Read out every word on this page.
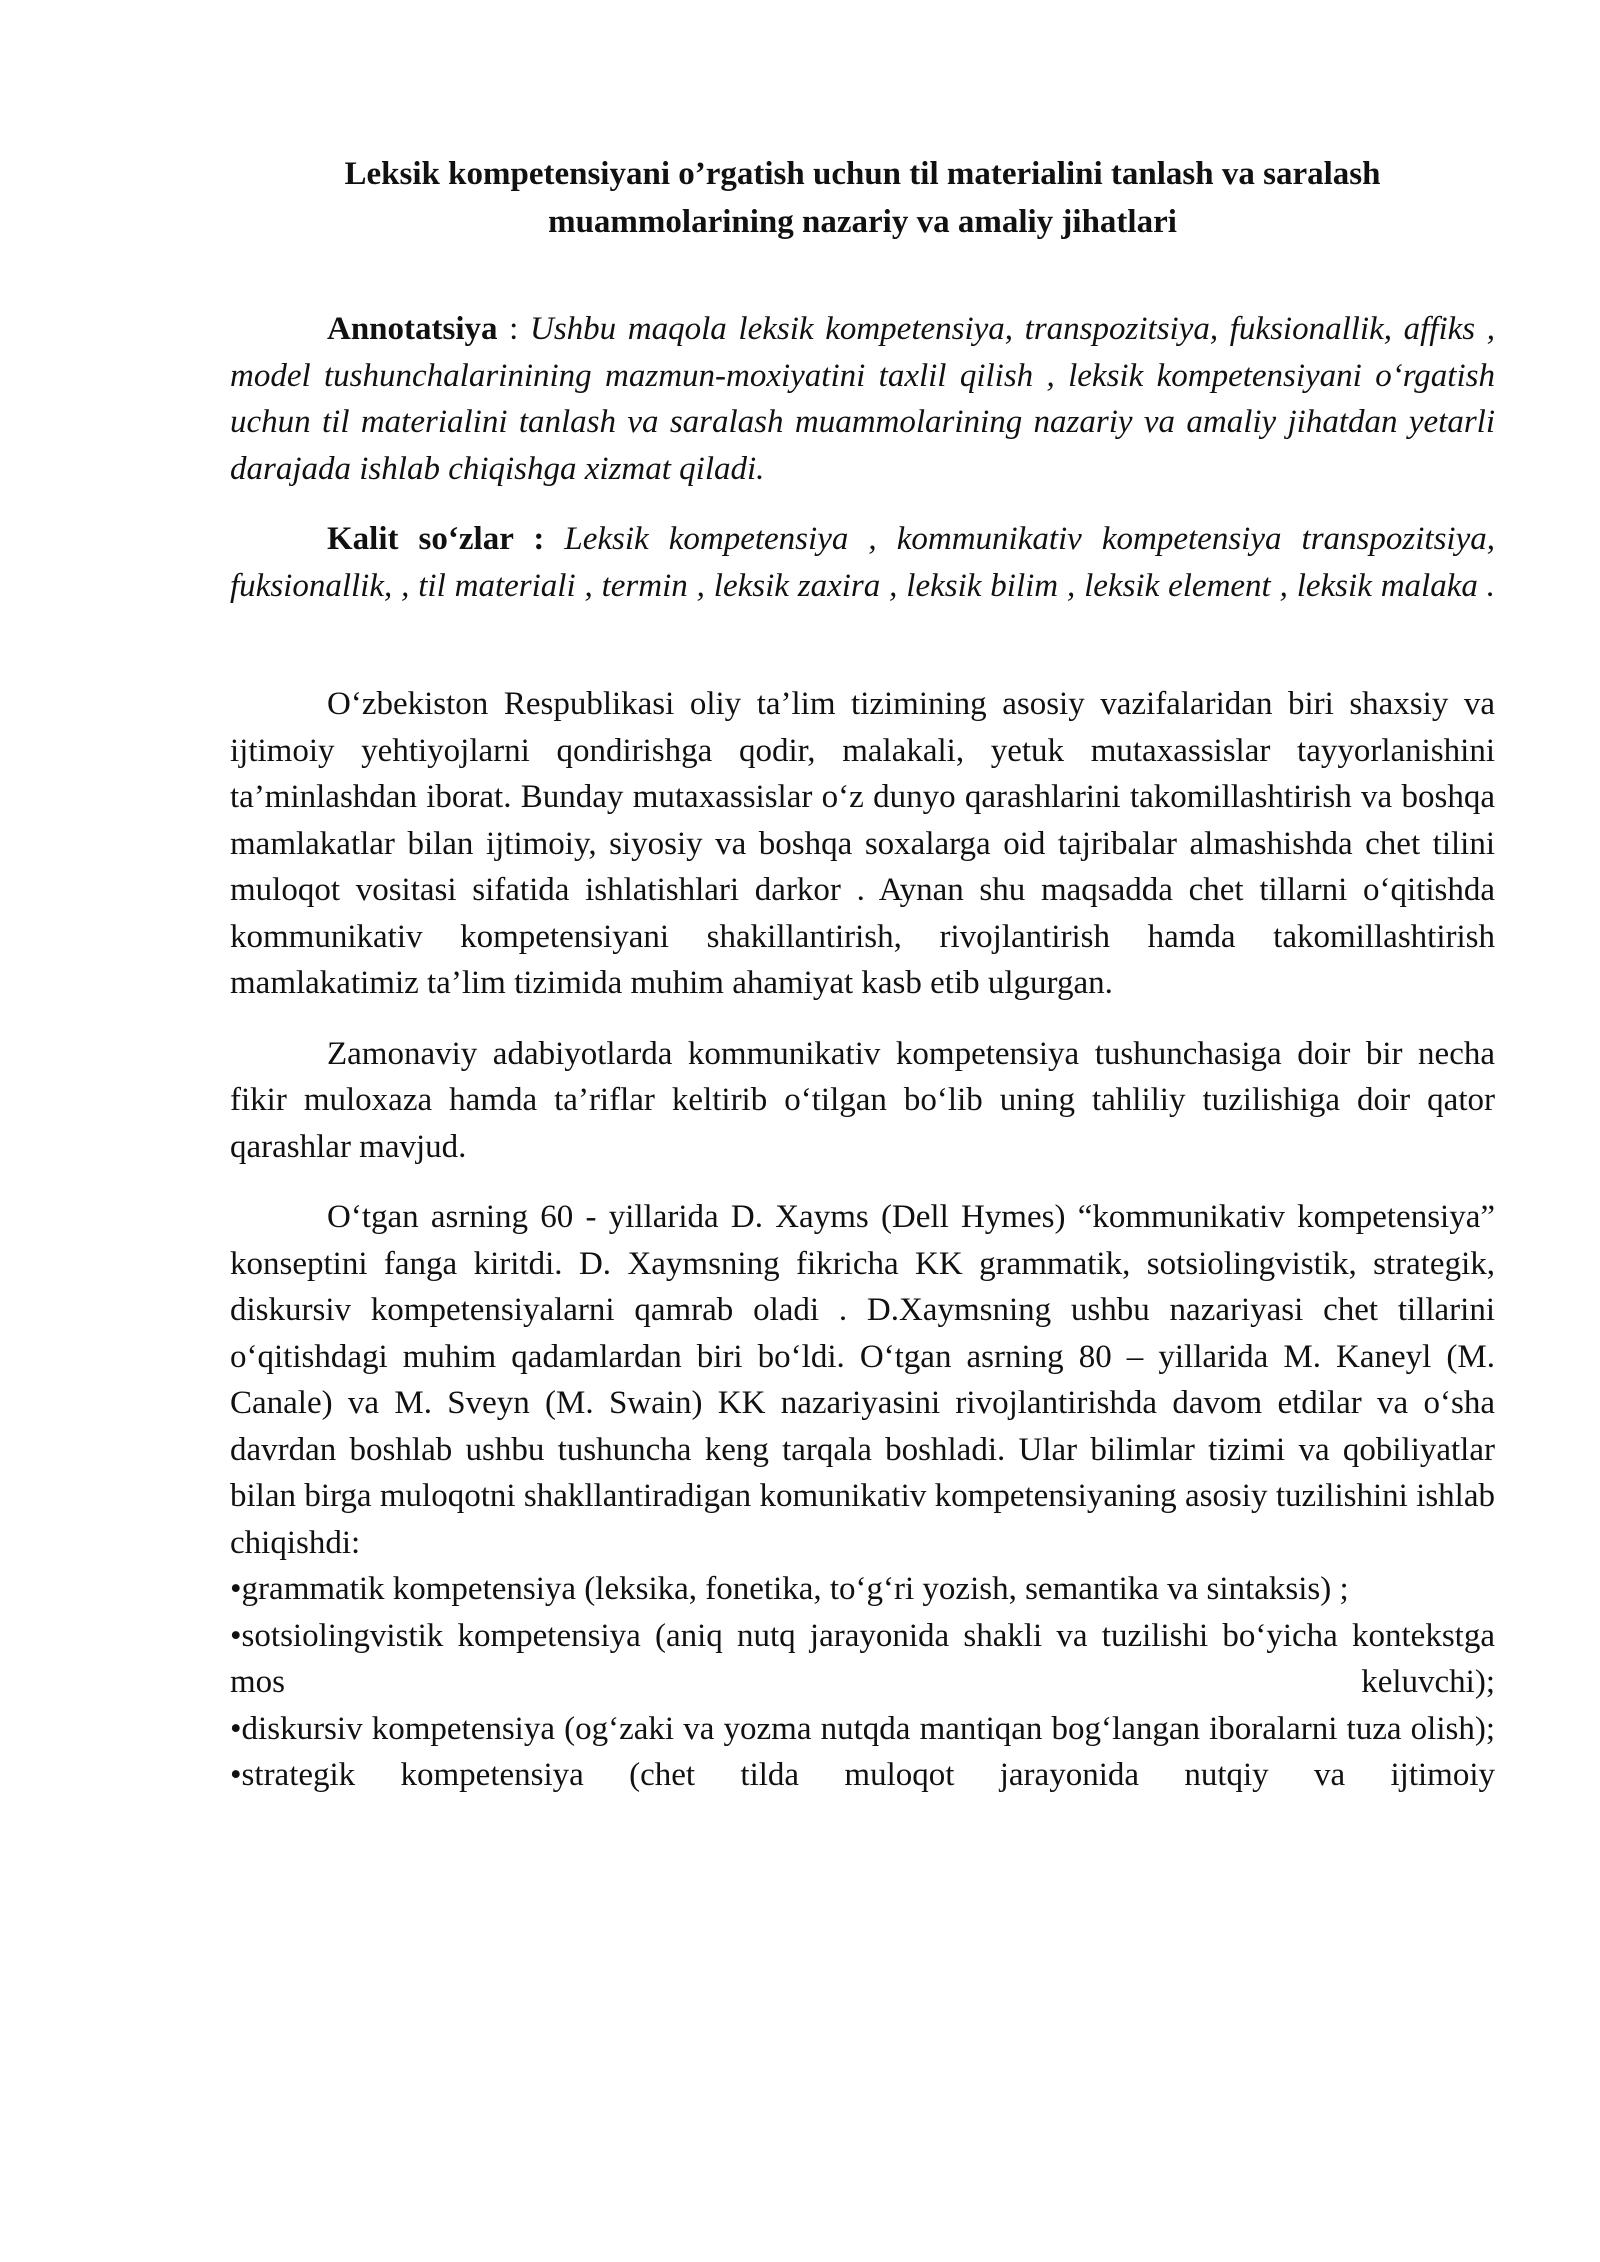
Leksik kompetensiyani o’rgatish uchun til materialini tanlash va saralash
muammolarining nazariy va amaliy jihatlari

Annotatsiya : Ushbu maqola leksik kompetensiya, transpozitsiya, fuksionallik, affiks , model tushunchalarinining mazmun-moxiyatini taxlil qilish , leksik kompetensiyani oʻrgatish uchun til materialini tanlash va saralash muammolarining nazariy va amaliy jihatdan yetarli darajada ishlab chiqishga xizmat qiladi.

Kalit soʻzlar : Leksik kompetensiya , kommunikativ kompetensiya transpozitsiya, fuksionallik, , til materiali , termin , leksik zaxira , leksik bilim , leksik element , leksik malaka .

Oʻzbekiston Respublikasi oliy ta’lim tizimining asosiy vazifalaridan biri shaxsiy va ijtimoiy yehtiyojlarni qondirishga qodir, malakali, yetuk mutaxassislar tayyorlanishini ta’minlashdan iborat. Bunday mutaxassislar oʻz dunyo qarashlarini takomillashtirish va boshqa mamlakatlar bilan ijtimoiy, siyosiy va boshqa soxalarga oid tajribalar almashishda chet tilini muloqot vositasi sifatida ishlatishlari darkor . Aynan shu maqsadda chet tillarni oʻqitishda kommunikativ kompetensiyani shakillantirish, rivojlantirish hamda takomillashtirish mamlakatimiz ta’lim tizimida muhim ahamiyat kasb etib ulgurgan.

Zamonaviy adabiyotlarda kommunikativ kompetensiya tushunchasiga doir bir necha fikir muloxaza hamda ta’riflar keltirib oʻtilgan boʻlib uning tahliliy tuzilishiga doir qator qarashlar mavjud.

Oʻtgan asrning 60 - yillarida D. Xayms (Dell Hymes) “kommunikativ kompetensiya” konseptini fanga kiritdi. D. Xaymsning fikricha KK grammatik, sotsiolingvistik, strategik, diskursiv kompetensiyalarni qamrab oladi . D.Xaymsning ushbu nazariyasi chet tillarini oʻqitishdagi muhim qadamlardan biri boʻldi. Oʻtgan asrning 80 – yillarida M. Kaneyl (M. Canale) va M. Sveyn (M. Swain) KK nazariyasini rivojlantirishda davom etdilar va oʻsha davrdan boshlab ushbu tushuncha keng tarqala boshladi. Ular bilimlar tizimi va qobiliyatlar bilan birga muloqotni shakllantiradigan komunikativ kompetensiyaning asosiy tuzilishini ishlab chiqishdi:

•grammatik kompetensiya (leksika, fonetika, toʻgʻri yozish, semantika va sintaksis) ;

•sotsiolingvistik kompetensiya (aniq nutq jarayonida shakli va tuzilishi boʻyicha kontekstga mos keluvchi);

•diskursiv kompetensiya (ogʻzaki va yozma nutqda mantiqan bogʻlangan iboralarni tuza olish);

•strategik kompetensiya (chet tilda muloqot jarayonida nutqiy va ijtimoiy
